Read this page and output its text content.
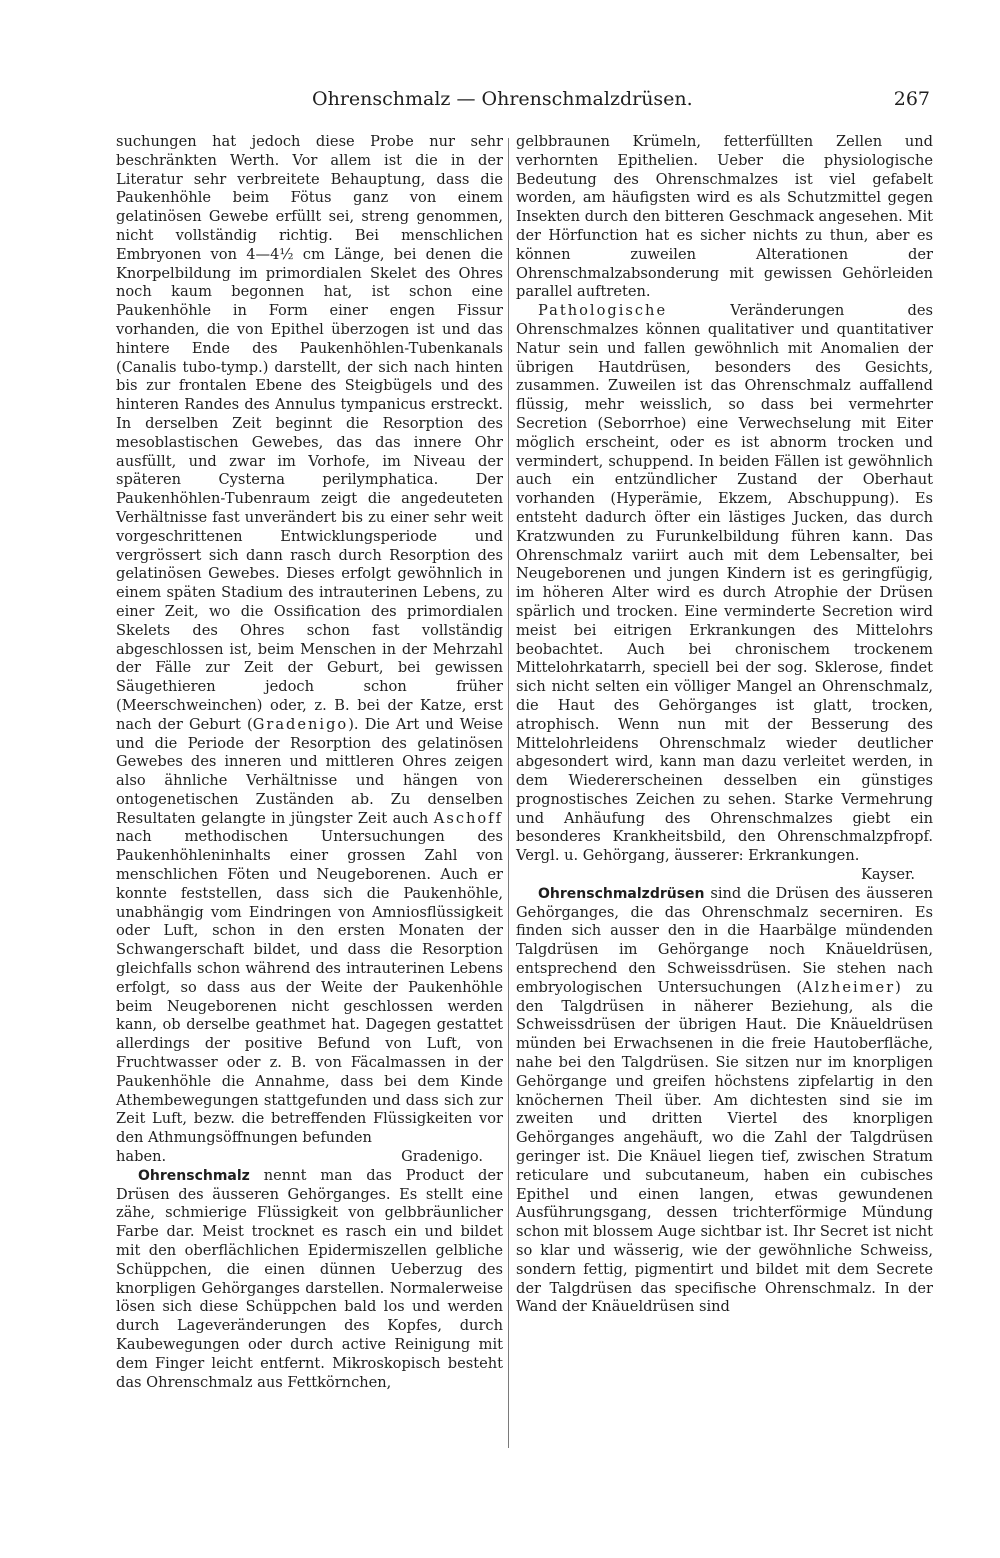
Ohrenschmalz — Ohrenschmalzdrüsen.	267

suchungen hat jedoch diese Probe nur sehr beschränkten Werth. Vor allem ist die in der Literatur sehr verbreitete Behauptung, dass die Paukenhöhle beim Fötus ganz von einem gelatinösen Gewebe erfüllt sei, streng genommen, nicht vollständig richtig. Bei menschlichen Embryonen von 4—4½ cm Länge, bei denen die Knorpelbildung im primordialen Skelet des Ohres noch kaum begonnen hat, ist schon eine Paukenhöhle in Form einer engen Fissur vorhanden, die von Epithel überzogen ist und das hintere Ende des Paukenhöhlen-Tubenkanals (Canalis tubo-tymp.) darstellt, der sich nach hinten bis zur frontalen Ebene des Steigbügels und des hinteren Randes des Annulus tympanicus erstreckt. In derselben Zeit beginnt die Resorption des mesoblastischen Gewebes, das das innere Ohr ausfüllt, und zwar im Vorhofe, im Niveau der späteren Cysterna perilymphatica. Der Paukenhöhlen-Tubenraum zeigt die angedeuteten Verhältnisse fast unverändert bis zu einer sehr weit vorgeschrittenen Entwicklungsperiode und vergrössert sich dann rasch durch Resorption des gelatinösen Gewebes. Dieses erfolgt gewöhnlich in einem späten Stadium des intrauterinen Lebens, zu einer Zeit, wo die Ossification des primordialen Skelets des Ohres schon fast vollständig abgeschlossen ist, beim Menschen in der Mehrzahl der Fälle zur Zeit der Geburt, bei gewissen Säugethieren jedoch schon früher (Meerschweinchen) oder, z. B. bei der Katze, erst nach der Geburt (Gradenigo). Die Art und Weise und die Periode der Resorption des gelatinösen Gewebes des inneren und mittleren Ohres zeigen also ähnliche Verhältnisse und hängen von ontogenetischen Zuständen ab. Zu denselben Resultaten gelangte in jüngster Zeit auch Aschoff nach methodischen Untersuchungen des Paukenhöhleninhalts einer grossen Zahl von menschlichen Föten und Neugeborenen. Auch er konnte feststellen, dass sich die Paukenhöhle, unabhängig vom Eindringen von Amniosflüssigkeit oder Luft, schon in den ersten Monaten der Schwangerschaft bildet, und dass die Resorption gleichfalls schon während des intrauterinen Lebens erfolgt, so dass aus der Weite der Paukenhöhle beim Neugeborenen nicht geschlossen werden kann, ob derselbe geathmet hat. Dagegen gestattet allerdings der positive Befund von Luft, von Fruchtwasser oder z. B. von Fäcalmassen in der Paukenhöhle die Annahme, dass bei dem Kinde Athembewegungen stattgefunden und dass sich zur Zeit Luft, bezw. die betreffenden Flüssigkeiten vor den Athmungsöffnungen befunden

haben.	Gradenigo.

Ohrenschmalz nennt man das Product der Drüsen des äusseren Gehörganges. Es stellt eine zähe, schmierige Flüssigkeit von gelbbräunlicher Farbe dar. Meist trocknet es rasch ein und bildet mit den oberflächlichen Epidermiszellen gelbliche Schüppchen, die einen dünnen Ueberzug des knorpligen Gehörganges darstellen. Normalerweise lösen sich diese Schüppchen bald los und werden durch Lageveränderungen des Kopfes, durch Kaubewegungen oder durch active Reinigung mit dem Finger leicht entfernt. Mikroskopisch besteht das Ohrenschmalz aus Fettkörnchen,

gelbbraunen Krümeln, fetterfüllten Zellen und verhornten Epithelien. Ueber die physiologische Bedeutung des Ohrenschmalzes ist viel gefabelt worden, am häufigsten wird es als Schutzmittel gegen Insekten durch den bitteren Geschmack angesehen. Mit der Hörfunction hat es sicher nichts zu thun, aber es können zuweilen Alterationen der Ohrenschmalzabsonderung mit gewissen Gehörleiden parallel auftreten.

Pathologische Veränderungen des Ohrenschmalzes können qualitativer und quantitativer Natur sein und fallen gewöhnlich mit Anomalien der übrigen Hautdrüsen, besonders des Gesichts, zusammen. Zuweilen ist das Ohrenschmalz auffallend flüssig, mehr weisslich, so dass bei vermehrter Secretion (Seborrhoe) eine Verwechselung mit Eiter möglich erscheint, oder es ist abnorm trocken und vermindert, schuppend. In beiden Fällen ist gewöhnlich auch ein entzündlicher Zustand der Oberhaut vorhanden (Hyperämie, Ekzem, Abschuppung). Es entsteht dadurch öfter ein lästiges Jucken, das durch Kratzwunden zu Furunkelbildung führen kann. Das Ohrenschmalz variirt auch mit dem Lebensalter, bei Neugeborenen und jungen Kindern ist es geringfügig, im höheren Alter wird es durch Atrophie der Drüsen spärlich und trocken. Eine verminderte Secretion wird meist bei eitrigen Erkrankungen des Mittelohrs beobachtet. Auch bei chronischem trockenem Mittelohrkatarrh, speciell bei der sog. Sklerose, findet sich nicht selten ein völliger Mangel an Ohrenschmalz, die Haut des Gehörganges ist glatt, trocken, atrophisch. Wenn nun mit der Besserung des Mittelohrleidens Ohrenschmalz wieder deutlicher abgesondert wird, kann man dazu verleitet werden, in dem Wiedererscheinen desselben ein günstiges prognostisches Zeichen zu sehen. Starke Vermehrung und Anhäufung des Ohrenschmalzes giebt ein besonderes Krankheitsbild, den Ohrenschmalzpfropf. Vergl. u. Gehörgang, äusserer: Erkrankungen.

Kayser.

Ohrenschmalzdrüsen sind die Drüsen des äusseren Gehörganges, die das Ohrenschmalz secerniren. Es finden sich ausser den in die Haarbälge mündenden Talgdrüsen im Gehörgange noch Knäueldrüsen, entsprechend den Schweissdrüsen. Sie stehen nach embryologischen Untersuchungen (Alzheimer) zu den Talgdrüsen in näherer Beziehung, als die Schweissdrüsen der übrigen Haut. Die Knäueldrüsen münden bei Erwachsenen in die freie Hautoberfläche, nahe bei den Talgdrüsen. Sie sitzen nur im knorpligen Gehörgange und greifen höchstens zipfelartig in den knöchernen Theil über. Am dichtesten sind sie im zweiten und dritten Viertel des knorpligen Gehörganges angehäuft, wo die Zahl der Talgdrüsen geringer ist. Die Knäuel liegen tief, zwischen Stratum reticulare und subcutaneum, haben ein cubisches Epithel und einen langen, etwas gewundenen Ausführungsgang, dessen trichterförmige Mündung schon mit blossem Auge sichtbar ist. Ihr Secret ist nicht so klar und wässerig, wie der gewöhnliche Schweiss, sondern fettig, pigmentirt und bildet mit dem Secrete der Talgdrüsen das specifische Ohrenschmalz. In der Wand der Knäueldrüsen sind
